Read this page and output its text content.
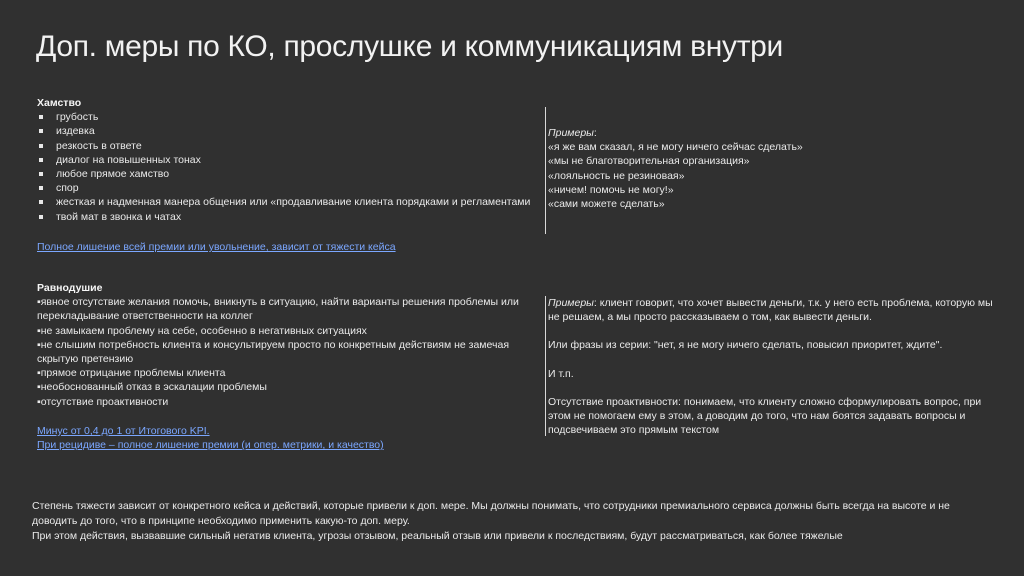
Доп. меры по КО, прослушке и коммуникациям внутри
Хамство
грубость
издевка
резкость в ответе
диалог на повышенных тонах
любое прямое хамство
спор
жесткая и надменная манера общения или «продавливание клиента порядками и регламентами
твой мат в звонка и чатах
Полное лишение всей премии или увольнение, зависит от тяжести кейса
Примеры:
«я же вам сказал, я не могу ничего сейчас сделать»
«мы не благотворительная организация»
«лояльность не резиновая»
«ничем! помочь не могу!»
«сами можете сделать»
Равнодушие
▪явное отсутствие желания помочь, вникнуть в ситуацию, найти варианты решения проблемы или
перекладывание ответственности на коллег
▪не замыкаем проблему на себе, особенно в негативных ситуациях
▪не слышим потребность клиента и консультируем просто по конкретным действиям не замечая
скрытую претензию
▪прямое отрицание проблемы клиента
▪необоснованный отказ в эскалации проблемы
▪отсутствие проактивности
Минус от 0,4 до 1 от Итогового KPI.
При рецидиве – полное лишение премии (и опер. метрики, и качество)
Примеры: клиент говорит, что хочет вывести деньги, т.к. у него есть проблема, которую мы
не решаем, а мы просто рассказываем о том, как вывести деньги.
Или фразы из серии: "нет, я не могу ничего сделать, повысил приоритет, ждите".
И т.п.
Отсутствие проактивности: понимаем, что клиенту сложно сформулировать вопрос, при
этом не помогаем ему в этом, а доводим до того, что нам боятся задавать вопросы и
подсвечиваем это прямым текстом
Степень тяжести зависит от конкретного кейса и действий, которые привели к доп. мере. Мы должны понимать, что сотрудники премиального сервиса должны быть всегда на высоте и не
доводить до того, что в принципе необходимо применить какую-то доп. меру.
При этом действия, вызвавшие сильный негатив клиента, угрозы отзывом, реальный отзыв или привели к последствиям, будут рассматриваться, как более тяжелые
